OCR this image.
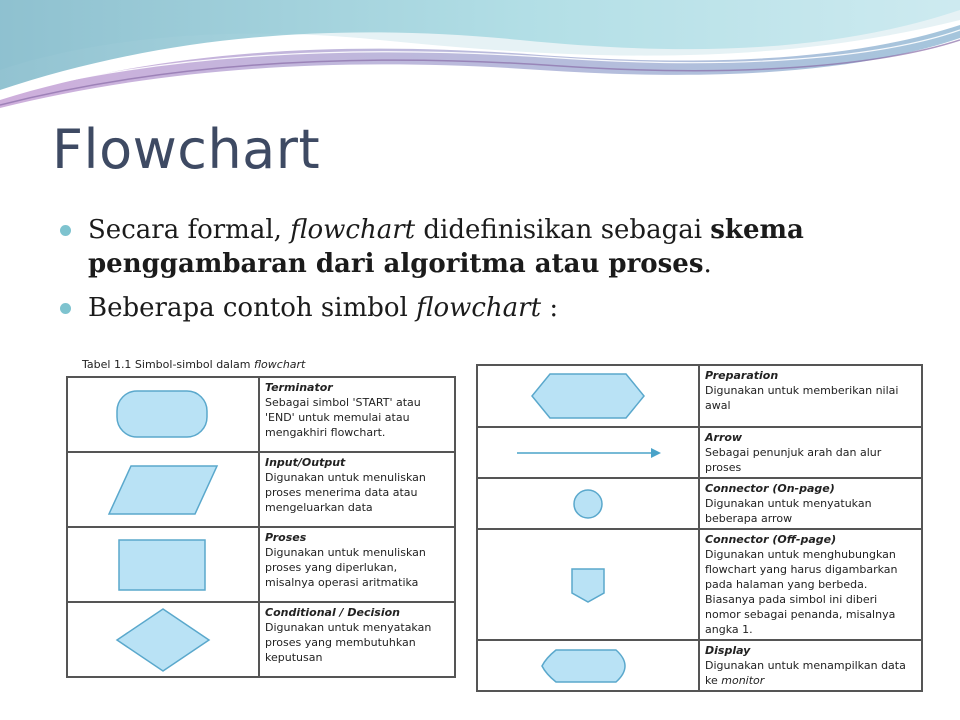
Flowchart
Secara formal, flowchart didefinisikan sebagai skema penggambaran dari algoritma atau proses.
Beberapa contoh simbol flowchart :
Tabel 1.1 Simbol-simbol dalam flowchart

Terminator
Sebagai simbol 'START' atau 'END' untuk memulai atau mengakhiri flowchart.

Input/Output
Digunakan untuk menuliskan proses menerima data atau mengeluarkan data

Proses
Digunakan untuk menuliskan proses yang diperlukan, misalnya operasi aritmatika

Conditional / Decision
Digunakan untuk menyatakan proses yang membutuhkan keputusan

Preparation
Digunakan untuk memberikan nilai awal

Arrow
Sebagai penunjuk arah dan alur proses

Connector (On-page)
Digunakan untuk menyatukan beberapa arrow

Connector (Off-page)
Digunakan untuk menghubungkan flowchart yang harus digambarkan pada halaman yang berbeda. Biasanya pada simbol ini diberi nomor sebagai penanda, misalnya angka 1.

Display
Digunakan untuk menampilkan data ke monitor
